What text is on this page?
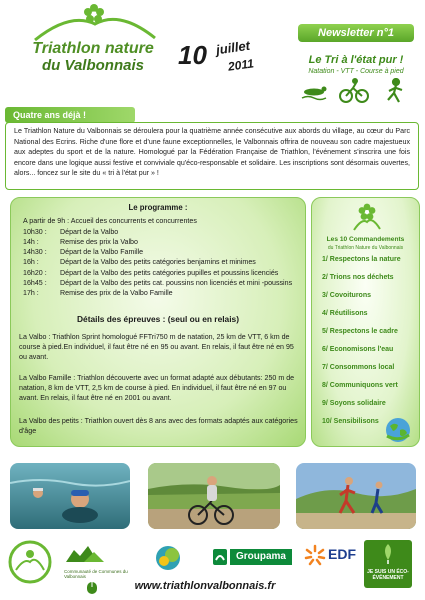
Triathlon nature
du Valbonnais	10 juillet
2011
Newsletter n°1
Le Tri à l'état pur !
Natation - VTT - Course à pied
Quatre ans déjà !
Le Triathlon Nature du Valbonnais se déroulera pour la quatrième année consécutive aux abords du village, au cœur du Parc National des Ecrins. Riche d'une flore et d'une faune exceptionnelles, le Valbonnais offrira de nouveau son cadre majestueux aux adeptes du sport et de la nature. Homologué par la Fédération Française de Triathlon, l'événement s'inscrira une fois encore dans une logique aussi festive et conviviale qu'éco-responsable et solidaire. Les inscriptions sont désormais ouvertes, alors... foncez sur le site du « tri à l'état pur » !
Le programme :
A partir de 9h : Accueil des concurrents et concurrentes
10h30 : Départ de la Valbo
14h :	Remise des prix la Valbo
14h30 : Départ de la Valbo Famille
16h :	Départ de la Valbo des petits catégories benjamins et minimes
16h20 : Départ de la Valbo des petits catégories pupilles et poussins licenciés
16h45 : Départ de la Valbo des petits cat. poussins non licenciés et mini -poussins
17h :	Remise des prix de la Valbo Famille
Détails des épreuves : (seul ou en relais)
La Valbo : Triathlon Sprint homologué FFTri750 m de natation, 25 km de VTT, 6 km de course à pied.En individuel, il faut être né en 95 ou avant. En relais, il faut être né en 95 ou avant.
La Valbo Famille : Triathlon découverte avec un format adapté aux débutants: 250 m de natation, 8 km de VTT, 2,5 km de course à pied. En individuel, il faut être né en 97 ou avant. En relais, il faut être né en 2001 ou avant.
La Valbo des petits : Triathlon ouvert dès 8 ans avec des formats adaptés aux catégories d'âge
Les 10 Commandements
du Triathlon Nature du Valbonnais
1/ Respectons la nature
2/ Trions nos déchets
3/ Covoiturons
4/ Réutilisons
5/ Respectons le cadre
6/ Economisons l'eau
7/ Consommons local
8/ Communiquons vert
9/ Soyons solidaire
10/ Sensibilisons
Communauté de Communes du Valbonnais
Groupama	EDF
JE SUIS UN ÉCO-ÉVÉNEMENT
www.triathlonvalbonnais.fr
